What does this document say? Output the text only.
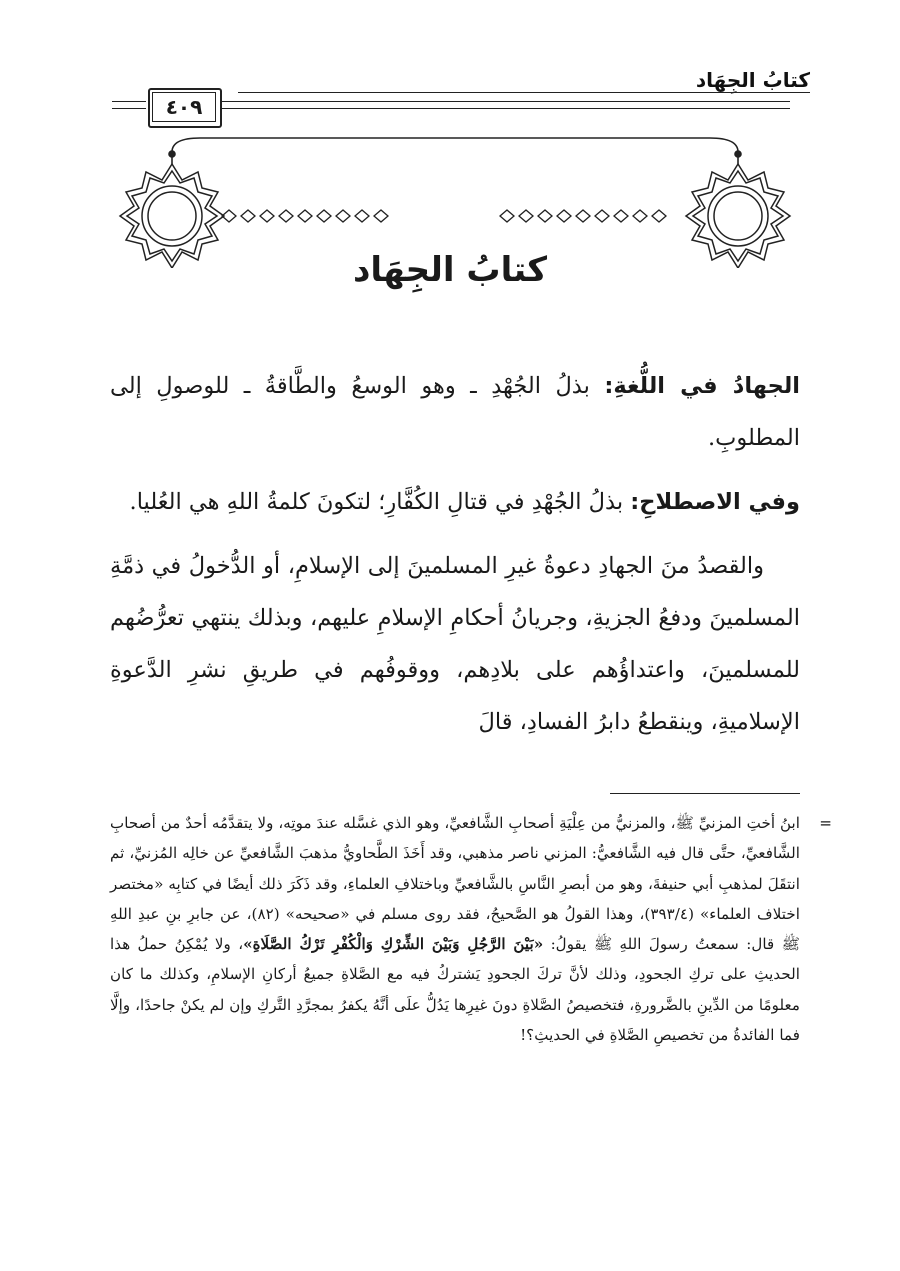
كتابُ الجِهَاد
٤٠٩
كتابُ الجِهَاد

الجهادُ في اللُّغةِ: بذلُ الجُهْدِ ـ وهو الوسعُ والطَّاقةُ ـ للوصولِ إلى المطلوبِ.

وفي الاصطلاحِ: بذلُ الجُهْدِ في قتالِ الكُفَّارِ؛ لتكونَ كلمةُ اللهِ هي العُليا.

والقصدُ منَ الجهادِ دعوةُ غيرِ المسلمينَ إلى الإسلامِ، أو الدُّخولُ في ذمَّةِ المسلمينَ ودفعُ الجزيةِ، وجريانُ أحكامِ الإسلامِ عليهم، وبذلك ينتهي تعرُّضُهم للمسلمينَ، واعتداؤُهم على بلادِهم، ووقوفُهم في طريقِ نشرِ الدَّعوةِ الإسلاميةِ، وينقطعُ دابرُ الفسادِ، قالَ

=
ابنُ أختِ المزنيِّ ﷺ، والمزنيُّ من عِلْيَةِ أصحابِ الشَّافعيِّ، وهو الذي غسَّله عندَ موتِه، ولا يتقدَّمُه أحدٌ من أصحابِ الشَّافعيِّ، حتَّى قال فيه الشَّافعيُّ: المزني ناصر مذهبي، وقد أَخَذَ الطَّحاويُّ مذهبَ الشَّافعيِّ عن خالِه المُزنيِّ، ثم انتقَلَ لمذهبِ أبي حنيفةَ، وهو من أبصرِ النَّاسِ بالشَّافعيِّ وباختلافِ العلماءِ، وقد ذَكَرَ ذلك أيضًا في كتابِه «مختصر اختلاف العلماء» (٣٩٣/٤)، وهذا القولُ هو الصَّحيحُ، فقد روى مسلم في «صحيحه» (٨٢)، عن جابرِ بنِ عبدِ اللهِ ﷺ قال: سمعتُ رسولَ اللهِ ﷺ يقولُ: «بَيْنَ الرَّجُلِ وَبَيْنَ الشِّرْكِ وَالْكُفْرِ تَرْكُ الصَّلَاةِ»، ولا يُمْكِنُ حملُ هذا الحديثِ على تركِ الجحودِ، وذلك لأنَّ تركَ الجحودِ يَشتركُ فيه مع الصَّلاةِ جميعُ أركانِ الإسلامِ، وكذلك ما كان معلومًا من الدِّينِ بالضَّرورةِ، فتخصيصُ الصَّلاةِ دونَ غيرِها يَدُلُّ علَى أنَّهُ يكفرُ بمجرَّدِ التَّركِ وإن لم يكنْ جاحدًا، وإلَّا فما الفائدةُ من تخصيصِ الصَّلاةِ في الحديثِ؟!
